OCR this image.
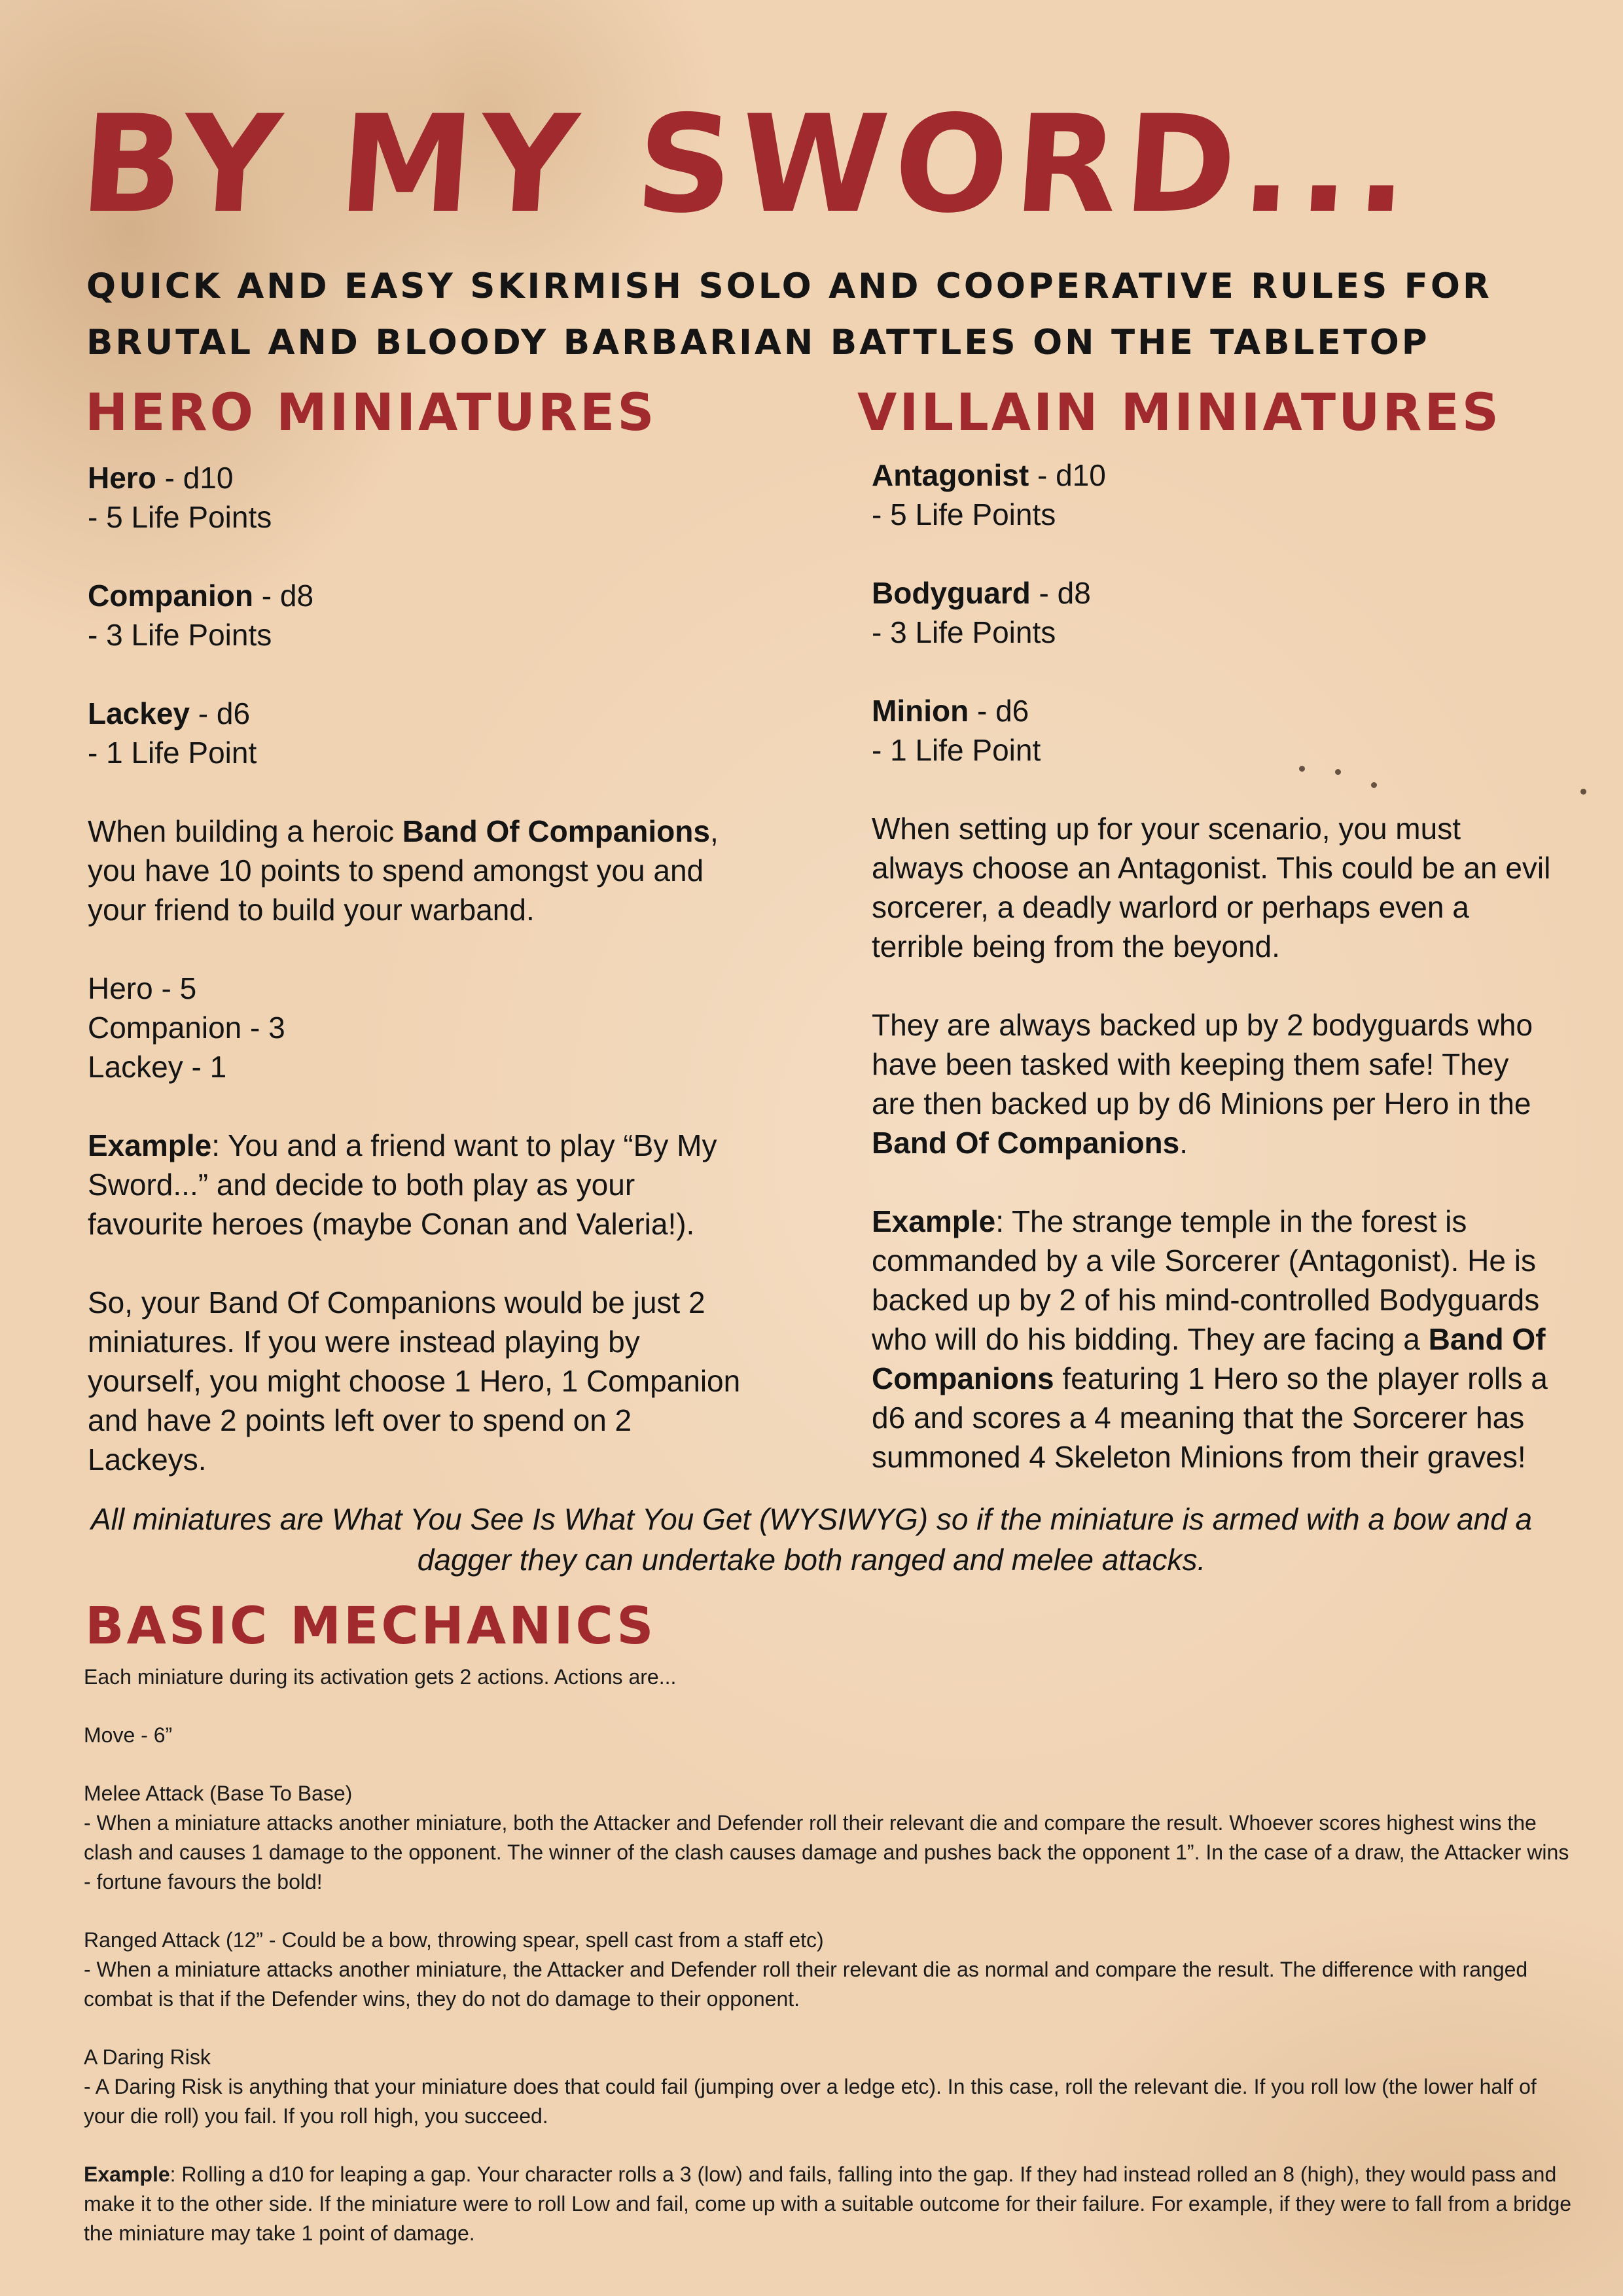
BY MY SWORD...
QUICK AND EASY SKIRMISH SOLO AND COOPERATIVE RULES FOR BRUTAL AND BLOODY BARBARIAN BATTLES ON THE TABLETOP
HERO MINIATURES

Hero - d10
- 5 Life Points

Companion - d8
- 3 Life Points

Lackey - d6
- 1 Life Point

When building a heroic Band Of Companions, you have 10 points to spend amongst you and your friend to build your warband.

Hero - 5
Companion - 3
Lackey - 1

Example: You and a friend want to play “By My Sword...” and decide to both play as your favourite heroes (maybe Conan and Valeria!).

So, your Band Of Companions would be just 2 miniatures. If you were instead playing by yourself, you might choose 1 Hero, 1 Companion and have 2 points left over to spend on 2 Lackeys.

VILLAIN MINIATURES

Antagonist - d10
- 5 Life Points

Bodyguard - d8
- 3 Life Points

Minion - d6
- 1 Life Point

When setting up for your scenario, you must always choose an Antagonist. This could be an evil sorcerer, a deadly warlord or perhaps even a terrible being from the beyond.

They are always backed up by 2 bodyguards who have been tasked with keeping them safe! They are then backed up by d6 Minions per Hero in the Band Of Companions.

Example: The strange temple in the forest is commanded by a vile Sorcerer (Antagonist). He is backed up by 2 of his mind-controlled Bodyguards who will do his bidding. They are facing a Band Of Companions featuring 1 Hero so the player rolls a d6 and scores a 4 meaning that the Sorcerer has summoned 4 Skeleton Minions from their graves!

All miniatures are What You See Is What You Get (WYSIWYG) so if the miniature is armed with a bow and a dagger they can undertake both ranged and melee attacks.
BASIC MECHANICS

Each miniature during its activation gets 2 actions. Actions are...

Move - 6”

Melee Attack (Base To Base)
- When a miniature attacks another miniature, both the Attacker and Defender roll their relevant die and compare the result. Whoever scores highest wins the clash and causes 1 damage to the opponent. The winner of the clash causes damage and pushes back the opponent 1”. In the case of a draw, the Attacker wins - fortune favours the bold!

Ranged Attack (12” - Could be a bow, throwing spear, spell cast from a staff etc)
- When a miniature attacks another miniature, the Attacker and Defender roll their relevant die as normal and compare the result. The difference with ranged combat is that if the Defender wins, they do not do damage to their opponent.

A Daring Risk
- A Daring Risk is anything that your miniature does that could fail (jumping over a ledge etc). In this case, roll the relevant die. If you roll low (the lower half of your die roll) you fail. If you roll high, you succeed.

Example: Rolling a d10 for leaping a gap. Your character rolls a 3 (low) and fails, falling into the gap. If they had instead rolled an 8 (high), they would pass and make it to the other side. If the miniature were to roll Low and fail, come up with a suitable outcome for their failure. For example, if they were to fall from a bridge the miniature may take 1 point of damage.
